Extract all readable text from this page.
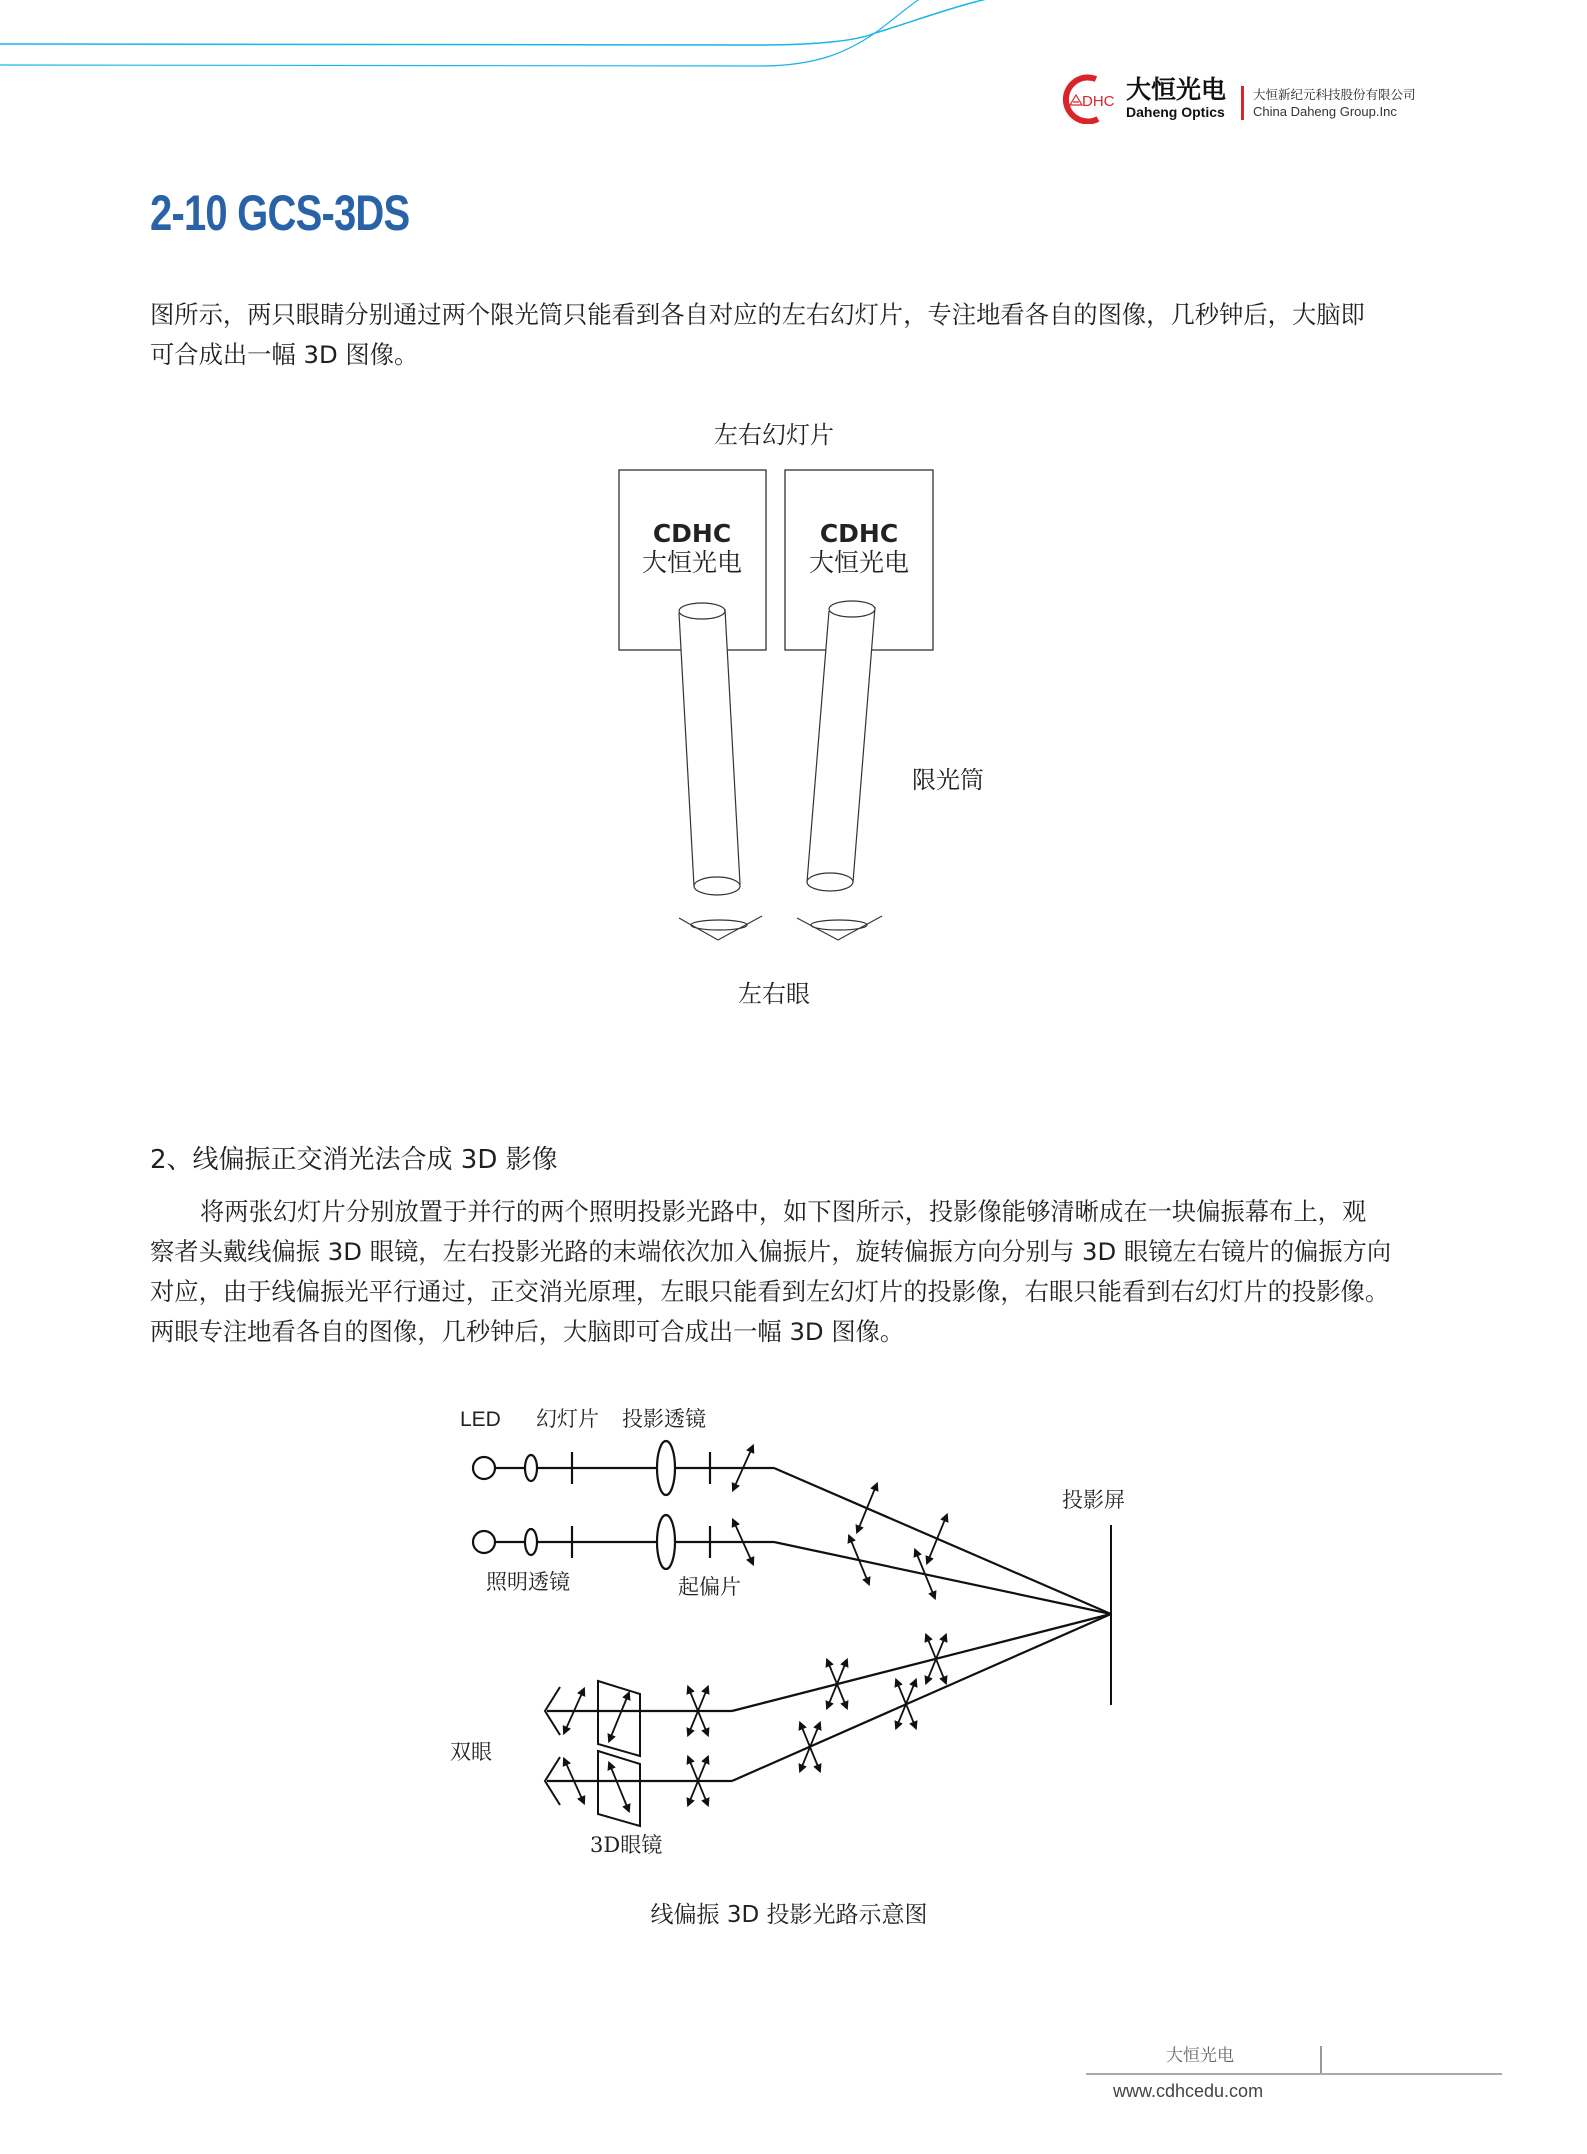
DHC 大恒光电
Daheng Optics
大恒新纪元科技股份有限公司
China Daheng Group.Inc
2-10 GCS-3DS
图所示，两只眼睛分别通过两个限光筒只能看到各自对应的左右幻灯片，专注地看各自的图像，几秒钟后，大脑即
可合成出一幅 3D 图像。
左右幻灯片
CDHC
大恒光电
CDHC
大恒光电
限光筒
左右眼
2、线偏振正交消光法合成 3D 影像
将两张幻灯片分别放置于并行的两个照明投影光路中，如下图所示，投影像能够清晰成在一块偏振幕布上，观
察者头戴线偏振 3D 眼镜，左右投影光路的末端依次加入偏振片，旋转偏振方向分别与 3D 眼镜左右镜片的偏振方向
对应，由于线偏振光平行通过，正交消光原理，左眼只能看到左幻灯片的投影像，右眼只能看到右幻灯片的投影像。
两眼专注地看各自的图像，几秒钟后，大脑即可合成出一幅 3D 图像。
LED 幻灯片 投影透镜
投影屏
照明透镜	起偏片
双眼
3D眼镜
线偏振 3D 投影光路示意图
大恒光电
www.cdhcedu.com
